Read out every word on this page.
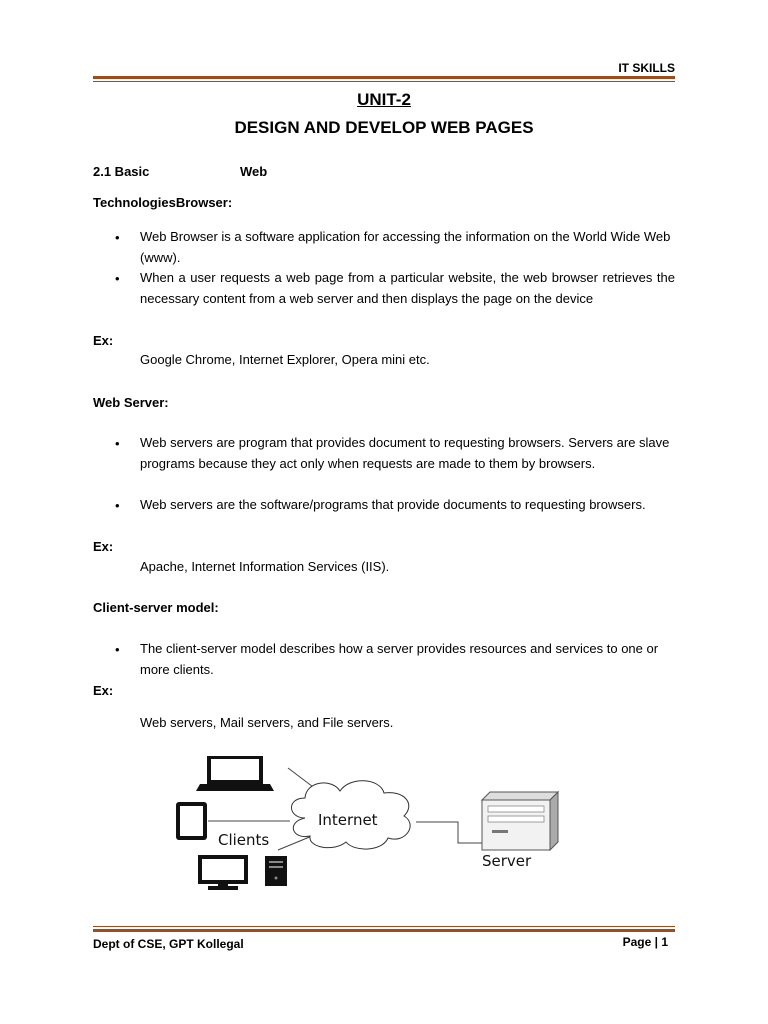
IT SKILLS
UNIT-2
DESIGN AND DEVELOP WEB PAGES
2.1 Basic	Web
TechnologiesBrowser:
• Web Browser is a software application for accessing the information on the World Wide Web (www).
• When a user requests a web page from a particular website, the web browser retrieves the necessary content from a web server and then displays the page on the device
Ex:
Google Chrome, Internet Explorer, Opera mini etc.
Web Server:
• Web servers are program that provides document to requesting browsers. Servers are slave programs because they act only when requests are made to them by browsers.
• Web servers are the software/programs that provide documents to requesting browsers.
Ex:
Apache, Internet Information Services (IIS).
Client-server model:
• The client-server model describes how a server provides resources and services to one or more clients.
Ex:
Web servers, Mail servers, and File servers.
Clients
Internet
Server
Dept of CSE, GPT Kollegal	Page | 1
